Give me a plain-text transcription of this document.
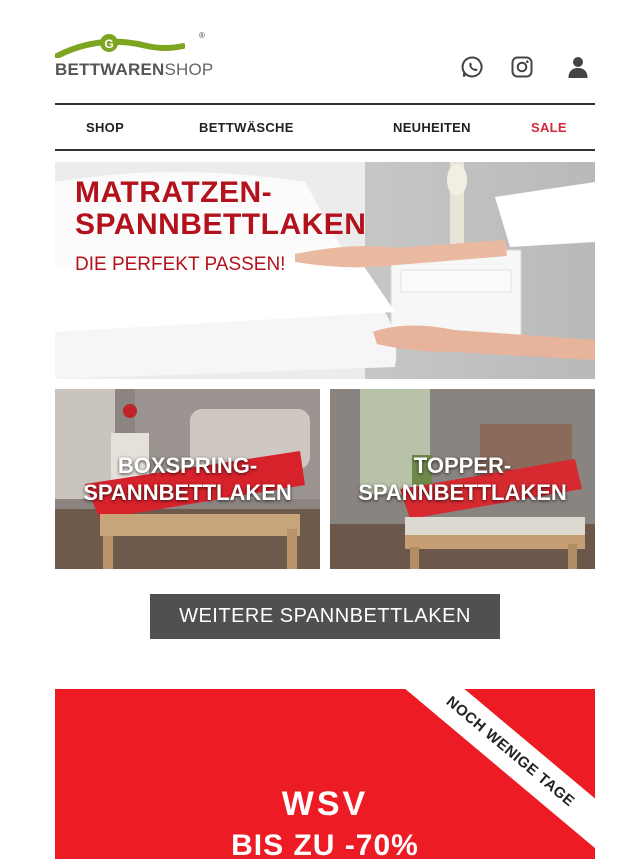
G
®
BETTWARENSHOP
SHOP	BETTWÄSCHE	NEUHEITEN	SALE
MATRATZEN-
SPANNBETTLAKEN
DIE PERFEKT PASSEN!
BOXSPRING-
SPANNBETTLAKEN
TOPPER-
SPANNBETTLAKEN
WEITERE SPANNBETTLAKEN
NOCH WENIGE TAGE
WSV
BIS ZU -70%
